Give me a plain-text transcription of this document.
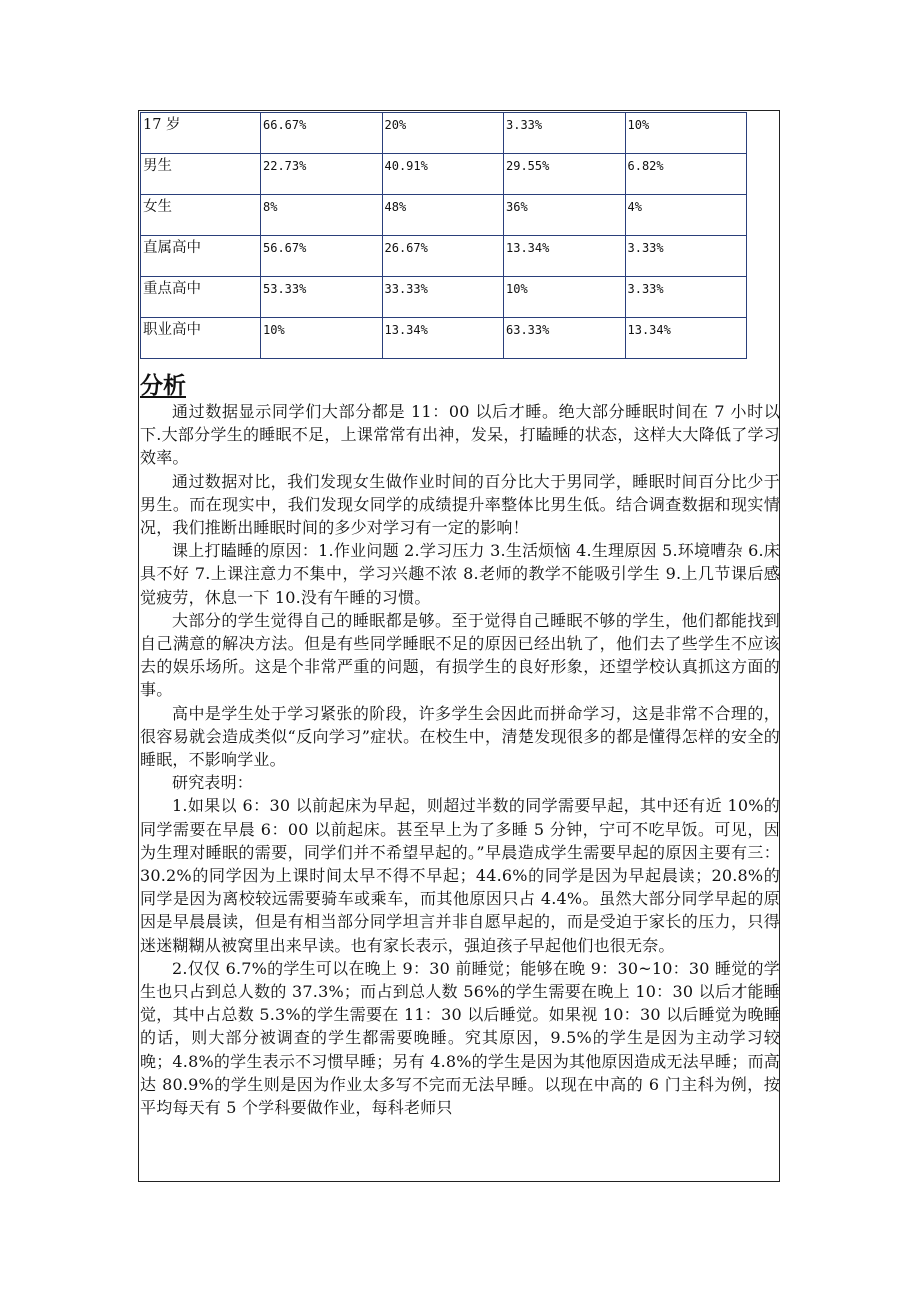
17 岁	66.67%	20%	3.33%	10%
男生	22.73%	40.91%	29.55%	6.82%
女生	8%	48%	36%	4%
直属高中	56.67%	26.67%	13.34%	3.33%
重点高中	53.33%	33.33%	10%	3.33%
职业高中	10%	13.34%	63.33%	13.34%
分析

通过数据显示同学们大部分都是 11：00 以后才睡。绝大部分睡眠时间在 7 小时以下.大部分学生的睡眠不足，上课常常有出神，发呆，打瞌睡的状态，这样大大降低了学习效率。

通过数据对比，我们发现女生做作业时间的百分比大于男同学，睡眠时间百分比少于男生。而在现实中，我们发现女同学的成绩提升率整体比男生低。结合调查数据和现实情况，我们推断出睡眠时间的多少对学习有一定的影响！

课上打瞌睡的原因：1.作业问题 2.学习压力 3.生活烦恼 4.生理原因 5.环境嘈杂 6.床具不好 7.上课注意力不集中，学习兴趣不浓 8.老师的教学不能吸引学生 9.上几节课后感觉疲劳，休息一下 10.没有午睡的习惯。

大部分的学生觉得自己的睡眠都是够。至于觉得自己睡眠不够的学生，他们都能找到自己满意的解决方法。但是有些同学睡眠不足的原因已经出轨了，他们去了些学生不应该去的娱乐场所。这是个非常严重的问题，有损学生的良好形象，还望学校认真抓这方面的事。

高中是学生处于学习紧张的阶段，许多学生会因此而拼命学习，这是非常不合理的，很容易就会造成类似“反向学习”症状。在校生中，清楚发现很多的都是懂得怎样的安全的睡眠，不影响学业。

研究表明：

1.如果以 6：30 以前起床为早起，则超过半数的同学需要早起，其中还有近 10%的同学需要在早晨 6：00 以前起床。甚至早上为了多睡 5 分钟，宁可不吃早饭。可见，因为生理对睡眠的需要，同学们并不希望早起的。”早晨造成学生需要早起的原因主要有三：30.2%的同学因为上课时间太早不得不早起；44.6%的同学是因为早起晨读；20.8%的同学是因为离校较远需要骑车或乘车，而其他原因只占 4.4%。虽然大部分同学早起的原因是早晨晨读，但是有相当部分同学坦言并非自愿早起的，而是受迫于家长的压力，只得迷迷糊糊从被窝里出来早读。也有家长表示，强迫孩子早起他们也很无奈。

2.仅仅 6.7%的学生可以在晚上 9：30 前睡觉；能够在晚 9：30~10：30 睡觉的学生也只占到总人数的 37.3%；而占到总人数 56%的学生需要在晚上 10：30 以后才能睡觉，其中占总数 5.3%的学生需要在 11：30 以后睡觉。如果视 10：30 以后睡觉为晚睡的话，则大部分被调查的学生都需要晚睡。究其原因，9.5%的学生是因为主动学习较晚；4.8%的学生表示不习惯早睡；另有 4.8%的学生是因为其他原因造成无法早睡；而高达 80.9%的学生则是因为作业太多写不完而无法早睡。以现在中高的 6 门主科为例，按平均每天有 5 个学科要做作业，每科老师只
